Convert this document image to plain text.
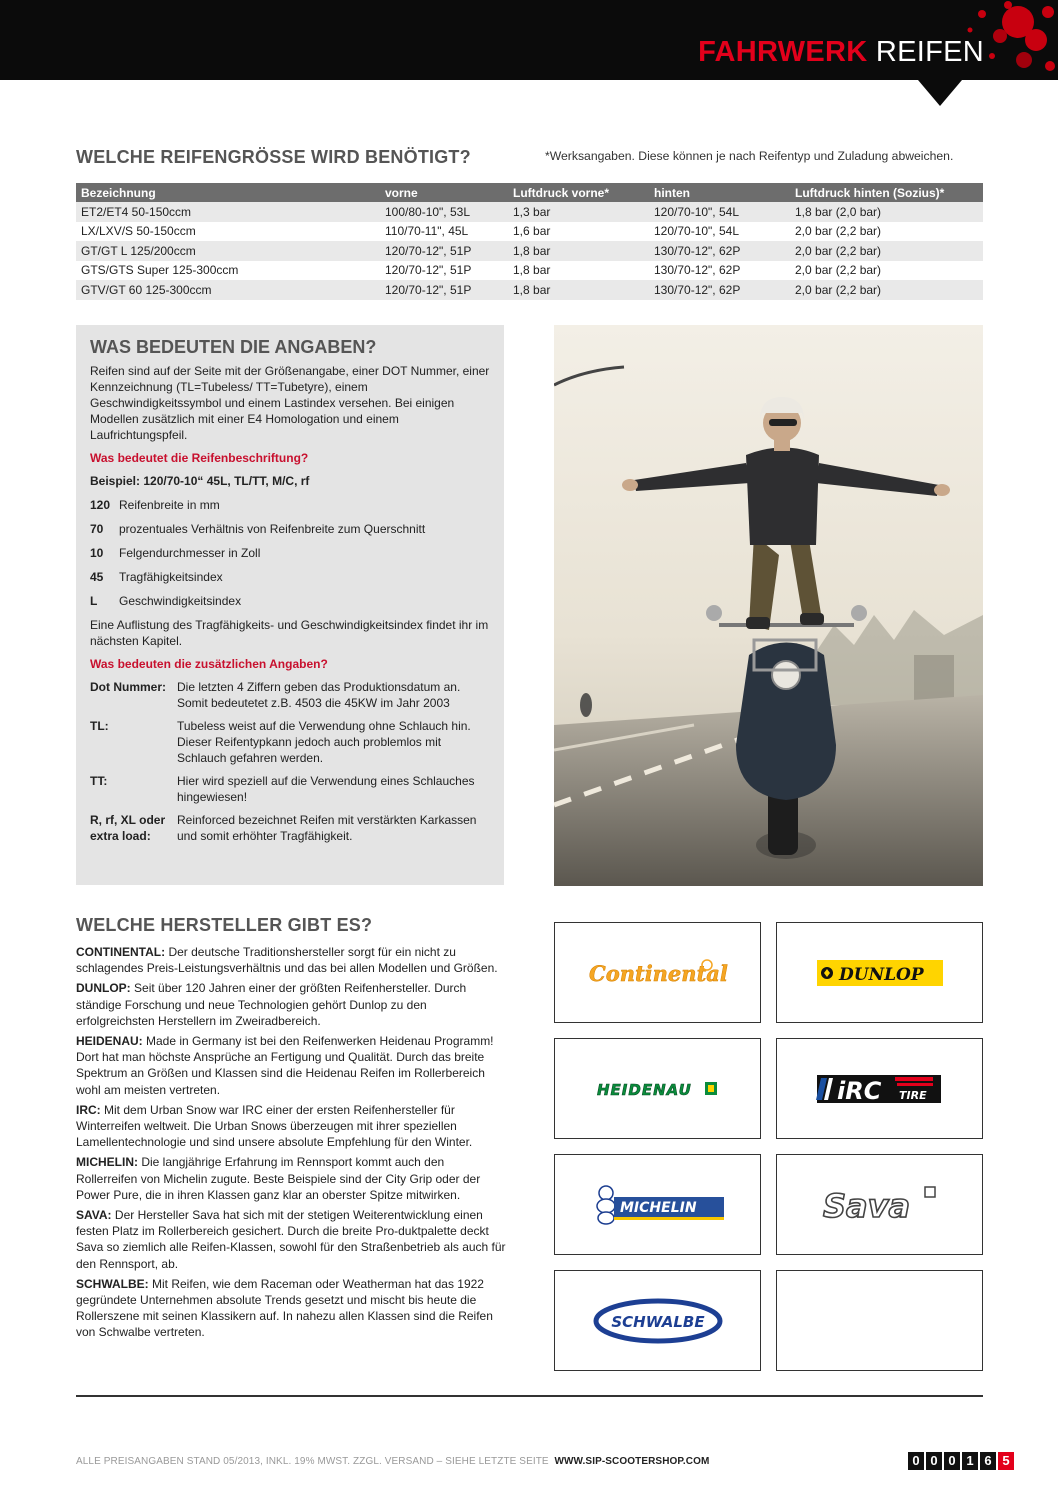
FAHRWERK REIFEN
WELCHE REIFENGRÖSSE WIRD BENÖTIGT?	*Werksangaben. Diese können je nach Reifentyp und Zuladung abweichen.
Bezeichnung	vorne	Luftdruck vorne*	hinten	Luftdruck hinten (Sozius)*
ET2/ET4 50-150ccm	100/80-10", 53L	1,3 bar	120/70-10", 54L	1,8 bar (2,0 bar)
LX/LXV/S 50-150ccm	110/70-11", 45L	1,6 bar	120/70-10", 54L	2,0 bar (2,2 bar)
GT/GT L 125/200ccm	120/70-12", 51P	1,8 bar	130/70-12", 62P	2,0 bar (2,2 bar)
GTS/GTS Super 125-300ccm	120/70-12", 51P	1,8 bar	130/70-12", 62P	2,0 bar (2,2 bar)
GTV/GT 60 125-300ccm	120/70-12", 51P	1,8 bar	130/70-12", 62P	2,0 bar (2,2 bar)
WAS BEDEUTEN DIE ANGABEN?
Reifen sind auf der Seite mit der Größenangabe, einer DOT Nummer, einer Kennzeichnung (TL=Tubeless/ TT=Tubetyre), einem Geschwindigkeitssymbol und einem Lastindex versehen. Bei einigen Modellen zusätzlich mit einer E4 Homologation und einem Laufrichtungspfeil.
Was bedeutet die Reifenbeschriftung?
Beispiel: 120/70-10“ 45L, TL/TT, M/C, rf
120 Reifenbreite in mm
70	prozentuales Verhältnis von Reifenbreite zum Querschnitt
10	Felgendurchmesser in Zoll
45	Tragfähigkeitsindex
L	Geschwindigkeitsindex
Eine Auflistung des Tragfähigkeits- und Geschwindigkeitsindex findet ihr im nächsten Kapitel.
Was bedeuten die zusätzlichen Angaben?
Dot Nummer: Die letzten 4 Ziffern geben das Produktionsdatum an. Somit bedeutetet z.B. 4503 die 45KW im Jahr 2003
TL:	Tubeless weist auf die Verwendung ohne Schlauch hin. Dieser Reifentypkann jedoch auch problemlos mit Schlauch gefahren werden.
TT:	Hier wird speziell auf die Verwendung eines Schlauches hingewiesen!
R, rf, XL oder extra load:
Reinforced bezeichnet Reifen mit verstärkten Karkassen und somit erhöhter Tragfähigkeit.
WELCHE HERSTELLER GIBT ES?

CONTINENTAL: Der deutsche Traditionshersteller sorgt für ein nicht zu schlagendes Preis-Leistungsverhältnis und das bei allen Modellen und Größen.

DUNLOP: Seit über 120 Jahren einer der größten Reifenhersteller. Durch ständige Forschung und neue Technologien gehört Dunlop zu den erfolgreichsten Herstellern im Zweiradbereich.

HEIDENAU: Made in Germany ist bei den Reifenwerken Heidenau Programm! Dort hat man höchste Ansprüche an Fertigung und Qualität. Durch das breite Spektrum an Größen und Klassen sind die Heidenau Reifen im Rollerbereich wohl am meisten vertreten.

IRC: Mit dem Urban Snow war IRC einer der ersten Reifenhersteller für Winterreifen weltweit. Die Urban Snows überzeugen mit ihrer speziellen Lamellentechnologie und sind unsere absolute Empfehlung für den Winter.

MICHELIN: Die langjährige Erfahrung im Rennsport kommt auch den Rollerreifen von Michelin zugute. Beste Beispiele sind der City Grip oder der Power Pure, die in ihren Klassen ganz klar an oberster Spitze mitwirken.

SAVA: Der Hersteller Sava hat sich mit der stetigen Weiterentwicklung einen festen Platz im Rollerbereich gesichert. Durch die breite Pro-duktpalette deckt Sava so ziemlich alle Reifen-Klassen, sowohl für den Straßenbetrieb als auch für den Rennsport, ab.

SCHWALBE: Mit Reifen, wie dem Raceman oder Weatherman hat das 1922 gegründete Unternehmen absolute Trends gesetzt und mischt bis heute die Rollerszene mit seinen Klassikern auf. In nahezu allen Klassen sind die Reifen von Schwalbe vertreten.

Continental	DUNLOP
HEIDENAU	iRC TIRE
MICHELIN	Sava
SCHWALBE
ALLE PREISANGABEN STAND 05/2013, INKL. 19% MWST. ZZGL. VERSAND – SIEHE LETZTE SEITE WWW.SIP-SCOOTERSHOP.COM	0 0 0 1 6 5
